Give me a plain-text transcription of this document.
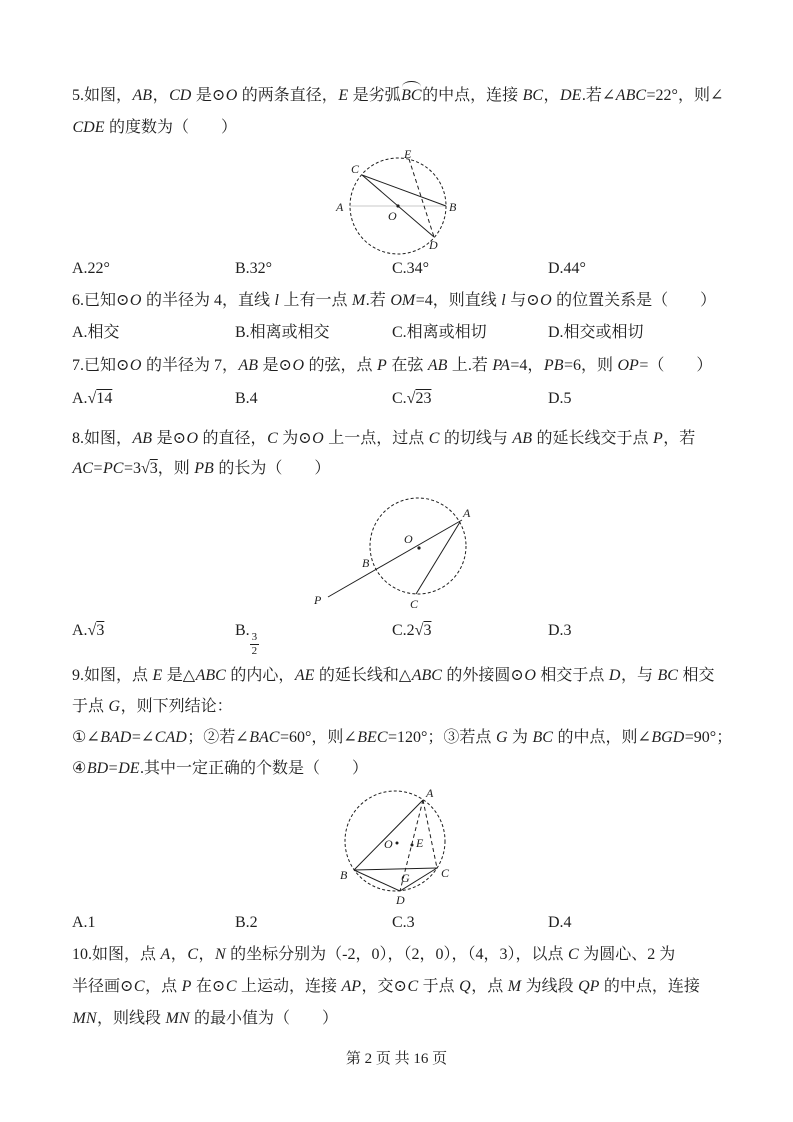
5.如图，AB，CD 是⊙O 的两条直径，E 是劣弧BC的中点，连接 BC，DE.若∠ABC=22°，则∠
CDE 的度数为（　　）
E
C
A	B
O
D
A.22°	B.32°	C.34°	D.44°
6.已知⊙O 的半径为 4，直线 l 上有一点 M.若 OM=4，则直线 l 与⊙O 的位置关系是（　　）
A.相交	B.相离或相交	C.相离或相切	D.相交或相切
7.已知⊙O 的半径为 7，AB 是⊙O 的弦，点 P 在弦 AB 上.若 PA=4，PB=6，则 OP=（　　）
A.√14	B.4	C.√23	D.5
8.如图，AB 是⊙O 的直径，C 为⊙O 上一点，过点 C 的切线与 AB 的延长线交于点 P，若
AC=PC=3√3，则 PB 的长为（　　）
A
O
B
P	C
A.√3	B.
$\frac{3}{2}$
C.2√3	D.3
9.如图，点 E 是△ABC 的内心，AE 的延长线和△ABC 的外接圆⊙O 相交于点 D，与 BC 相交
于点 G，则下列结论：
①∠BAD=∠CAD；②若∠BAC=60°，则∠BEC=120°；③若点 G 为 BC 的中点，则∠BGD=90°；
④BD=DE.其中一定正确的个数是（　　）
A
O E
B	C
G
D
A.1	B.2	C.3	D.4
10.如图，点 A，C，N 的坐标分别为（-2，0），（2，0），（4，3），以点 C 为圆心、2 为
半径画⊙C，点 P 在⊙C 上运动，连接 AP，交⊙C 于点 Q，点 M 为线段 QP 的中点，连接
MN，则线段 MN 的最小值为（　　）
第 2 页 共 16 页
